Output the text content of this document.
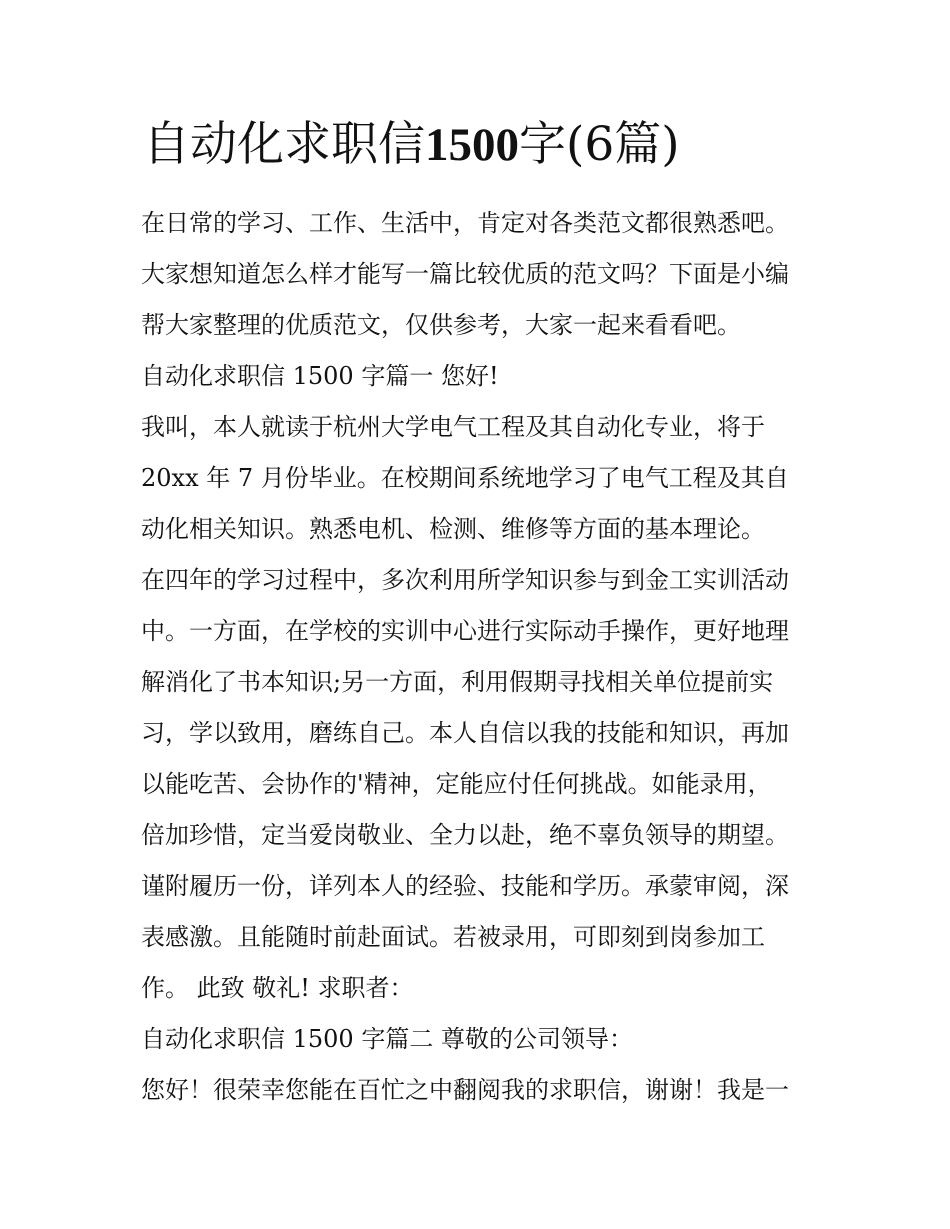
自动化求职信1500字(6篇)
在日常的学习、工作、生活中，肯定对各类范文都很熟悉吧。
大家想知道怎么样才能写一篇比较优质的范文吗？下面是小编
帮大家整理的优质范文，仅供参考，大家一起来看看吧。
自动化求职信 1500 字篇一 您好!
我叫，本人就读于杭州大学电气工程及其自动化专业，将于
20xx 年 7 月份毕业。在校期间系统地学习了电气工程及其自
动化相关知识。熟悉电机、检测、维修等方面的基本理论。
在四年的学习过程中，多次利用所学知识参与到金工实训活动
中。一方面，在学校的实训中心进行实际动手操作，更好地理
解消化了书本知识;另一方面，利用假期寻找相关单位提前实
习，学以致用，磨练自己。本人自信以我的技能和知识，再加
以能吃苦、会协作的'精神，定能应付任何挑战。如能录用，
倍加珍惜，定当爱岗敬业、全力以赴，绝不辜负领导的期望。
谨附履历一份，详列本人的经验、技能和学历。承蒙审阅，深
表感激。且能随时前赴面试。若被录用，可即刻到岗参加工
作。 此致 敬礼! 求职者：
自动化求职信 1500 字篇二 尊敬的公司领导：
您好！很荣幸您能在百忙之中翻阅我的求职信，谢谢！我是一
